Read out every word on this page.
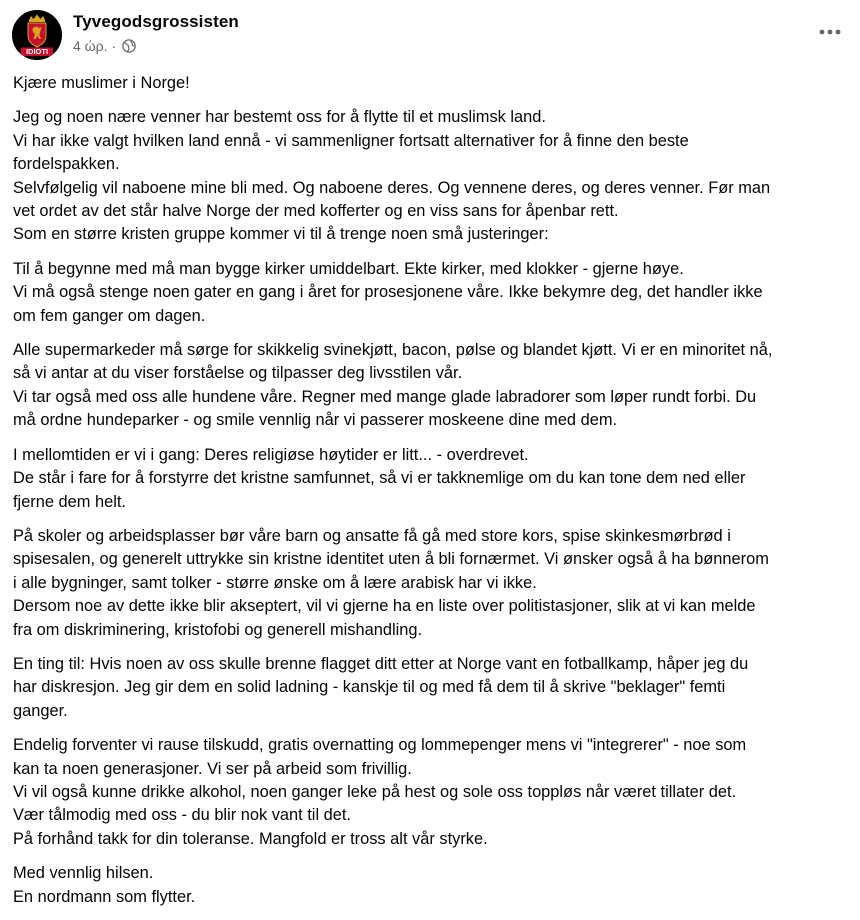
IDIOTI
Tyvegodsgrossisten
4 ώρ. ·

Kjære muslimer i Norge!

Jeg og noen nære venner har bestemt oss for å flytte til et muslimsk land.
Vi har ikke valgt hvilken land ennå - vi sammenligner fortsatt alternativer for å finne den beste
fordelspakken.
Selvfølgelig vil naboene mine bli med. Og naboene deres. Og vennene deres, og deres venner. Før man
vet ordet av det står halve Norge der med kofferter og en viss sans for åpenbar rett.
Som en større kristen gruppe kommer vi til å trenge noen små justeringer:

Til å begynne med må man bygge kirker umiddelbart. Ekte kirker, med klokker - gjerne høye.
Vi må også stenge noen gater en gang i året for prosesjonene våre. Ikke bekymre deg, det handler ikke
om fem ganger om dagen.

Alle supermarkeder må sørge for skikkelig svinekjøtt, bacon, pølse og blandet kjøtt. Vi er en minoritet nå,
så vi antar at du viser forståelse og tilpasser deg livsstilen vår.
Vi tar også med oss alle hundene våre. Regner med mange glade labradorer som løper rundt forbi. Du
må ordne hundeparker - og smile vennlig når vi passerer moskeene dine med dem.

I mellomtiden er vi i gang: Deres religiøse høytider er litt... - overdrevet.
De står i fare for å forstyrre det kristne samfunnet, så vi er takknemlige om du kan tone dem ned eller
fjerne dem helt.

På skoler og arbeidsplasser bør våre barn og ansatte få gå med store kors, spise skinkesmørbrød i
spisesalen, og generelt uttrykke sin kristne identitet uten å bli fornærmet. Vi ønsker også å ha bønnerom
i alle bygninger, samt tolker - større ønske om å lære arabisk har vi ikke.
Dersom noe av dette ikke blir akseptert, vil vi gjerne ha en liste over politistasjoner, slik at vi kan melde
fra om diskriminering, kristofobi og generell mishandling.

En ting til: Hvis noen av oss skulle brenne flagget ditt etter at Norge vant en fotballkamp, håper jeg du
har diskresjon. Jeg gir dem en solid ladning - kanskje til og med få dem til å skrive "beklager" femti
ganger.

Endelig forventer vi rause tilskudd, gratis overnatting og lommepenger mens vi "integrerer" - noe som
kan ta noen generasjoner. Vi ser på arbeid som frivillig.
Vi vil også kunne drikke alkohol, noen ganger leke på hest og sole oss toppløs når været tillater det.
Vær tålmodig med oss - du blir nok vant til det.
På forhånd takk for din toleranse. Mangfold er tross alt vår styrke.

Med vennlig hilsen.
En nordmann som flytter.
